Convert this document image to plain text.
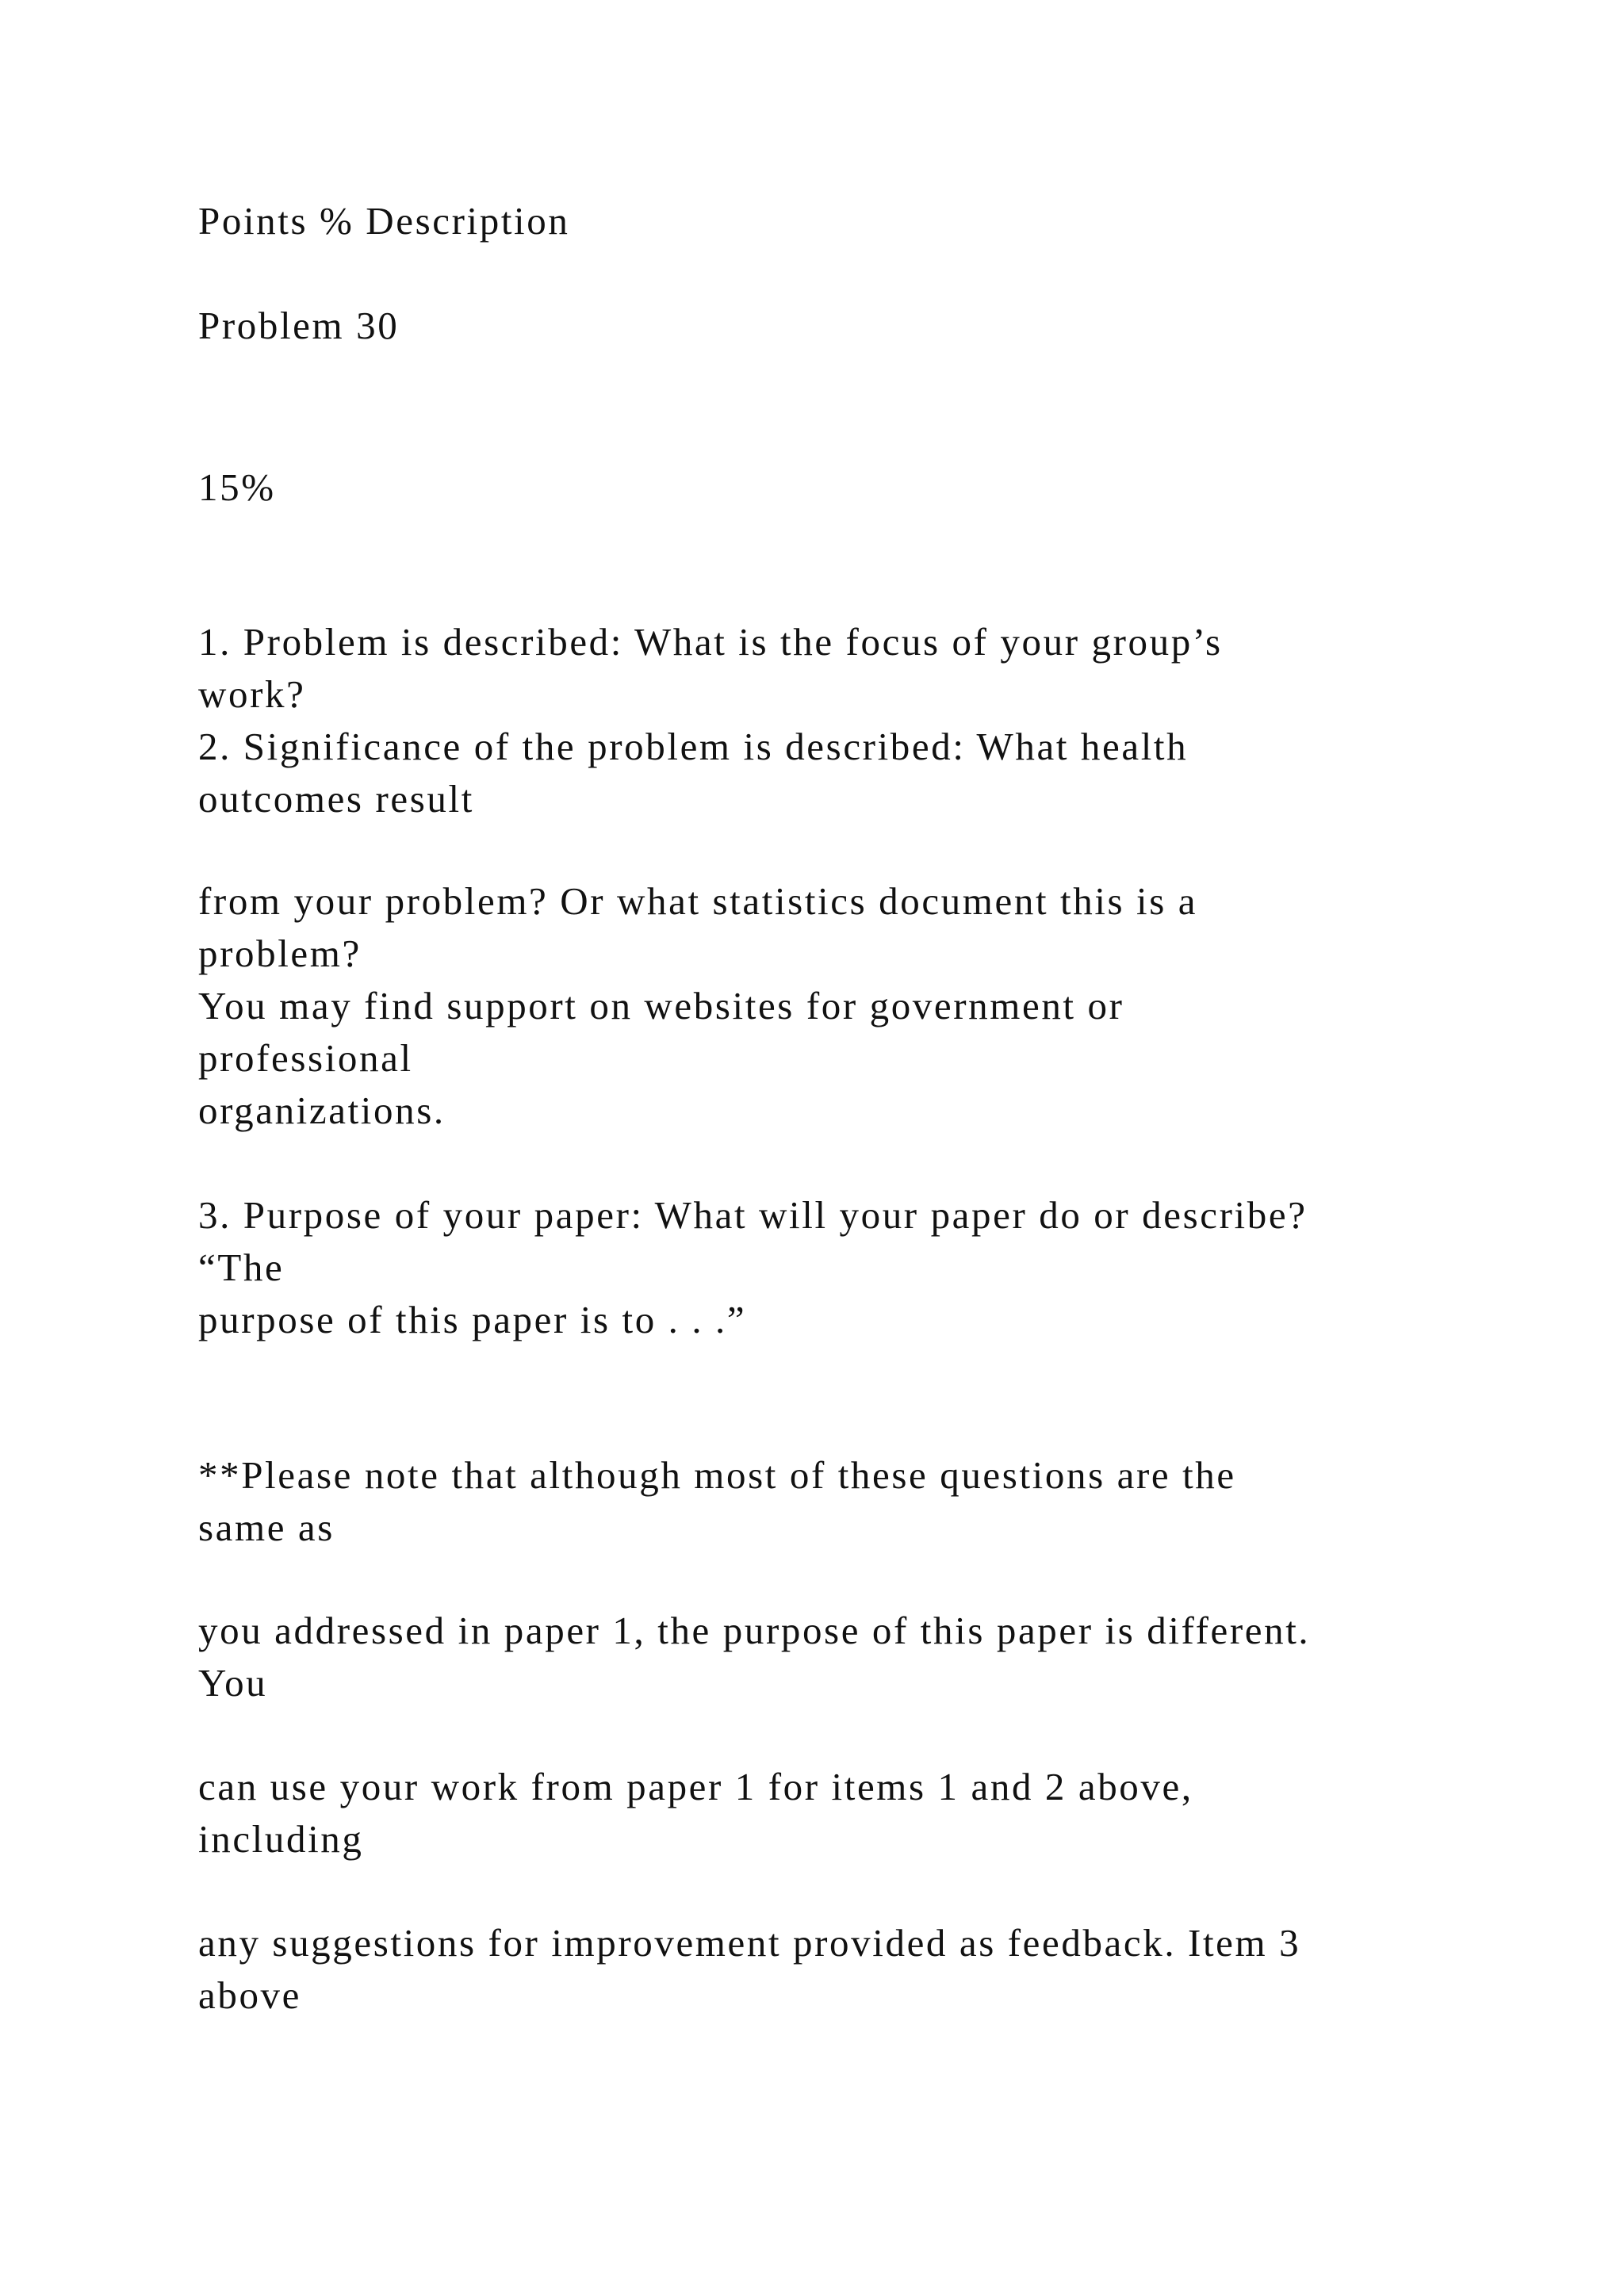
Points % Description

Problem 30

15%

1. Problem is described: What is the focus of your group’s

work?

2. Significance of the problem is described: What health

outcomes result

from your problem? Or what statistics document this is a

problem?

You may find support on websites for government or

professional

organizations.

3. Purpose of your paper: What will your paper do or describe?

“The

purpose of this paper is to . . .”

**Please note that although most of these questions are the

same as

you addressed in paper 1, the purpose of this paper is different.

You

can use your work from paper 1 for items 1 and 2 above,

including

any suggestions for improvement provided as feedback. Item 3

above
